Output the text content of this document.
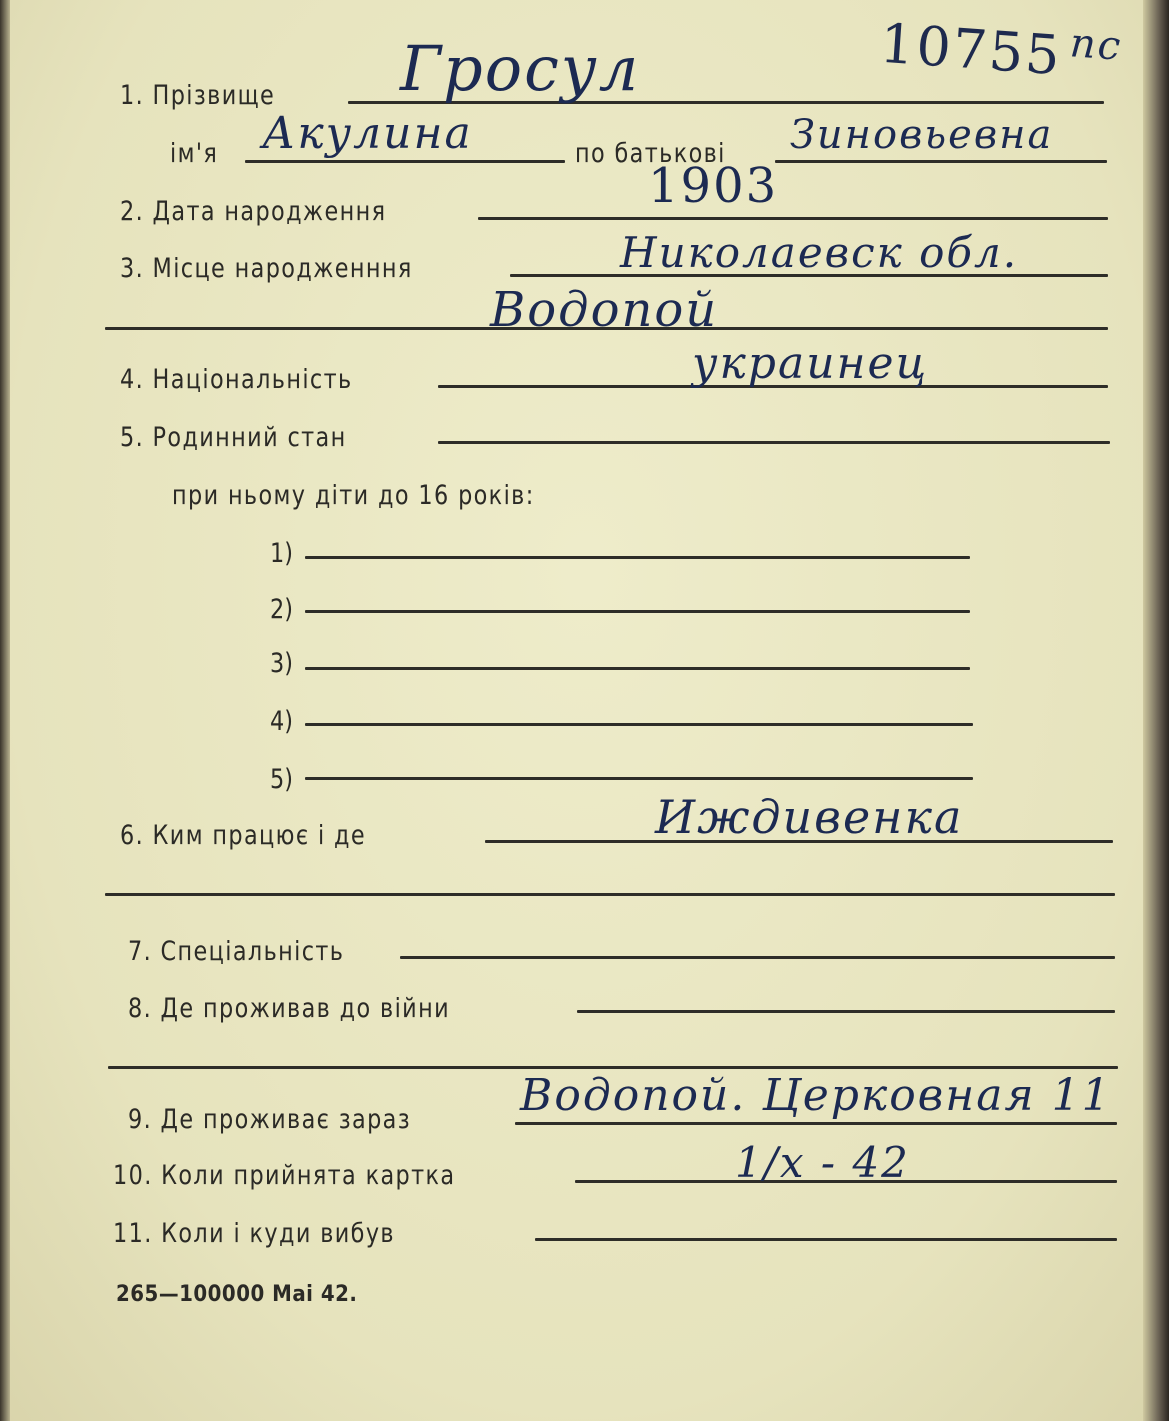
10755 пс
1. Прізвище Гросул
ім'я Акулина	по батькові Зиновьевна
2. Дата народження	1903
3. Місце народженння	Николаевск обл.
Водопой
4. Національність	украинец
5. Родинний стан
при ньому діти до 16 років:
1)
2)
3)
4)
5)
6. Ким працює і де	Иждивенка
7. Спеціальність
8. Де проживав до війни
9. Де проживає зараз Водопой. Церковная 11
10. Коли прийнята картка	1/х - 42
11. Коли і куди вибув
265—100000 Mai 42.
